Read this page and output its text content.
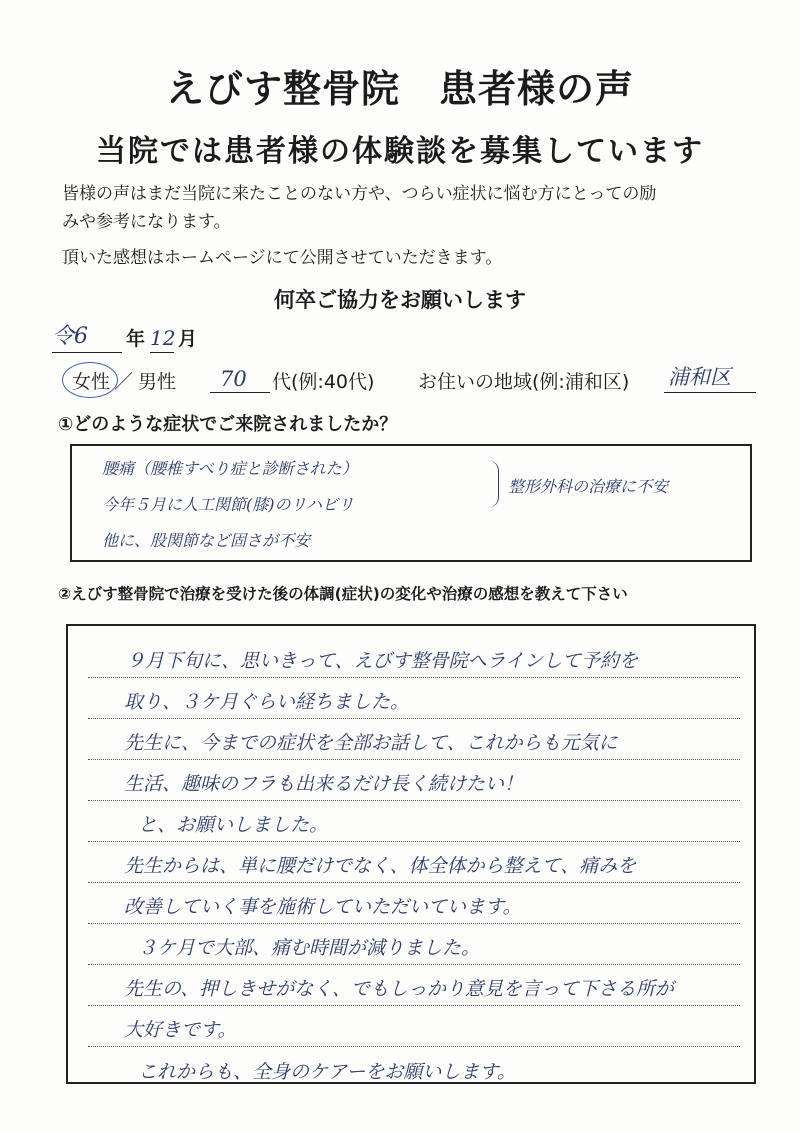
えびす整骨院　患者様の声
当院では患者様の体験談を募集しています
皆様の声はまだ当院に来たことのない方や、つらい症状に悩む方にとっての励
みや参考になります。
頂いた感想はホームページにて公開させていただきます。
何卒ご協力をお願いします
令6 年 12 月
女性 ／ 男性 70 代(例:40代) お住いの地域(例:浦和区) 浦和区
①どのような症状でご来院されましたか？
腰痛（腰椎すべり症と診断された）
今年５月に人工関節(膝)のリハビリ
他に、股関節など固さが不安
整形外科の治療に不安
②えびす整骨院で治療を受けた後の体調(症状)の変化や治療の感想を教えて下さい
９月下旬に、思いきって、えびす整骨院へラインして予約を
取り、３ケ月ぐらい経ちました。
先生に、今までの症状を全部お話して、これからも元気に
生活、趣味のフラも出来るだけ長く続けたい！
と、お願いしました。
先生からは、単に腰だけでなく、体全体から整えて、痛みを
改善していく事を施術していただいています。
３ケ月で大部、痛む時間が減りました。
先生の、押しきせがなく、でもしっかり意見を言って下さる所が
大好きです。
これからも、全身のケアーをお願いします。
